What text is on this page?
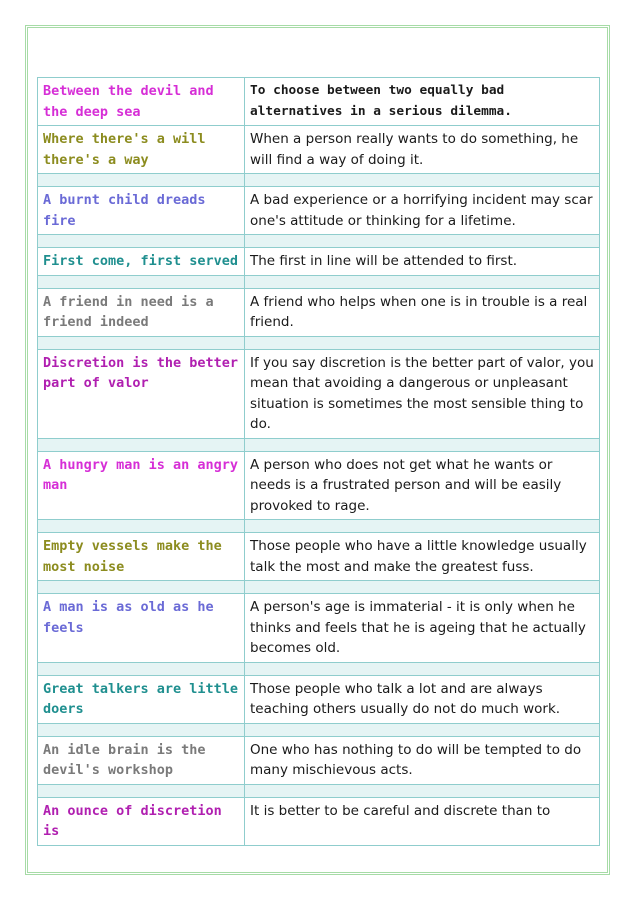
Between the devil and the deep sea	To choose between two equally bad alternatives in a serious dilemma.
Where there's a will there's a way	When a person really wants to do something, he will find a way of doing it.

A burnt child dreads fire	A bad experience or a horrifying incident may scar one's attitude or thinking for a lifetime.

First come, first served	The first in line will be attended to first.

A friend in need is a friend indeed	A friend who helps when one is in trouble is a real friend.

Discretion is the better part of valor	If you say discretion is the better part of valor, you mean that avoiding a dangerous or unpleasant situation is sometimes the most sensible thing to do.

A hungry man is an angry man	A person who does not get what he wants or needs is a frustrated person and will be easily provoked to rage.

Empty vessels make the most noise	Those people who have a little knowledge usually talk the most and make the greatest fuss.

A man is as old as he feels	A person's age is immaterial - it is only when he thinks and feels that he is ageing that he actually becomes old.

Great talkers are little doers	Those people who talk a lot and are always teaching others usually do not do much work.

An idle brain is the devil's workshop	One who has nothing to do will be tempted to do many mischievous acts.

An ounce of discretion is	It is better to be careful and discrete than to
